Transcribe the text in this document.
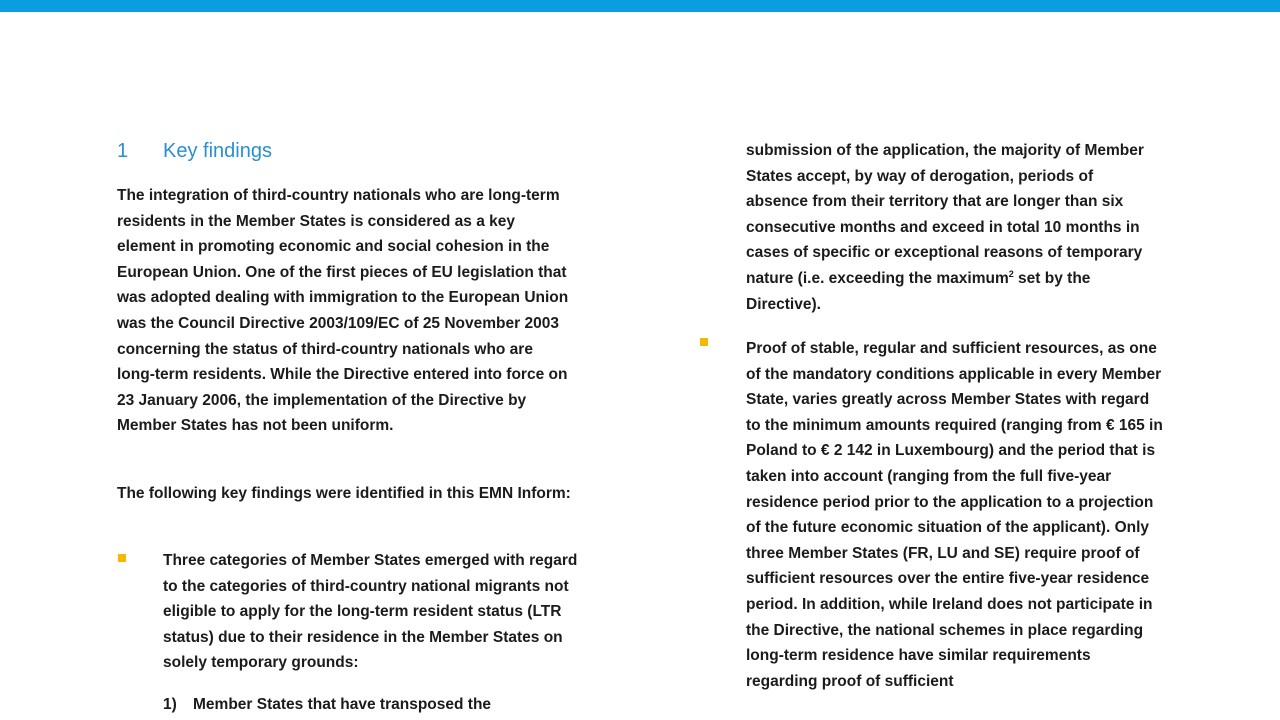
1 Key findings

The integration of third-country nationals who are long-term residents in the Member States is considered as a key element in promoting economic and social cohesion in the European Union. One of the first pieces of EU legislation that was adopted dealing with immigration to the European Union was the Council Directive 2003/109/EC of 25 November 2003 concerning the status of third-country nationals who are long-term residents. While the Directive entered into force on 23 January 2006, the implementation of the Directive by Member States has not been uniform.

The following key findings were identified in this EMN Inform:

Three categories of Member States emerged with regard to the categories of third-country national migrants not eligible to apply for the long-term resident status (LTR status) due to their residence in the Member States on solely temporary grounds:

1) Member States that have transposed the

submission of the application, the majority of Member States accept, by way of derogation, periods of absence from their territory that are longer than six consecutive months and exceed in total 10 months in cases of specific or exceptional reasons of temporary nature (i.e. exceeding the maximum$^2$ set by the Directive).

Proof of stable, regular and sufficient resources, as one of the mandatory conditions applicable in every Member State, varies greatly across Member States with regard to the minimum amounts required (ranging from € 165 in Poland to € 2 142 in Luxembourg) and the period that is taken into account (ranging from the full five-year residence period prior to the application to a projection of the future economic situation of the applicant). Only three Member States (FR, LU and SE) require proof of sufficient resources over the entire five-year residence period. In addition, while Ireland does not participate in the Directive, the national schemes in place regarding long-term residence have similar requirements regarding proof of sufficient
